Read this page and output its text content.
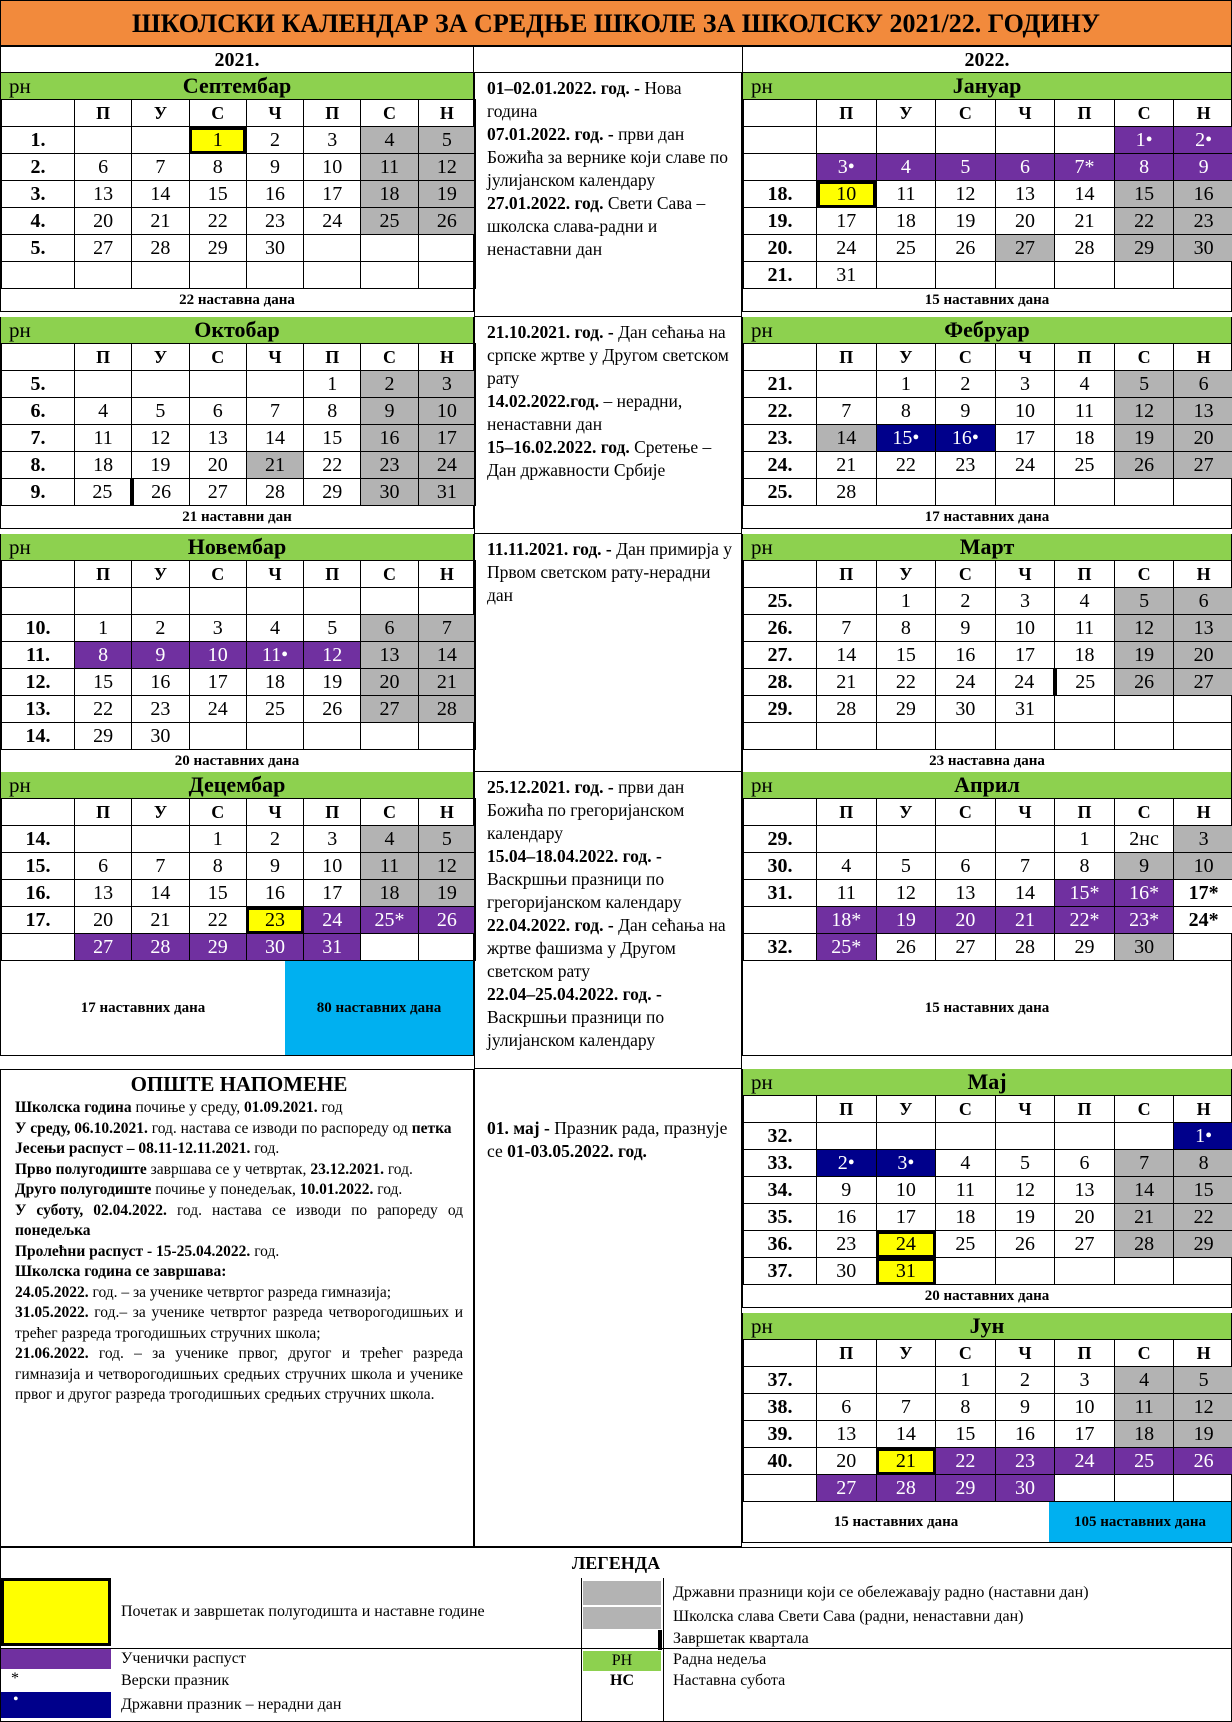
ШКОЛСКИ КАЛЕНДАР ЗА СРЕДЊЕ ШКОЛЕ ЗА ШКОЛСКУ 2021/22. ГОДИНУ
2021.	2022.
рн	Септембар
	П	У	С	Ч	П	С	Н
1.			1	2	3	4	5
2.	6	7	8	9	10	11	12
3.	13	14	15	16	17	18	19
4.	20	21	22	23	24	25	26
5.	27	28	29	30			

22 наставна дана
рн	Октобар
	П	У	С	Ч	П	С	Н
5.					1	2	3
6.	4	5	6	7	8	9	10
7.	11	12	13	14	15	16	17
8.	18	19	20	21	22	23	24
9.	25	26	27	28	29	30	31
21 наставни дан
рн	Новембар
	П	У	С	Ч	П	С	Н

10.	1	2	3	4	5	6	7
11.	8	9	10	11•	12	13	14
12.	15	16	17	18	19	20	21
13.	22	23	24	25	26	27	28
14.	29	30					
20 наставних дана
рн	Децембар
	П	У	С	Ч	П	С	Н
14.			1	2	3	4	5
15.	6	7	8	9	10	11	12
16.	13	14	15	16	17	18	19
17.	20	21	22	23	24	25*	26
	27	28	29	30	31		
17 наставних дана	80 наставних дана
рн	Јануар
	П	У	С	Ч	П	С	Н
						1•	2•
	3•	4	5	6	7*	8	9
18.	10	11	12	13	14	15	16
19.	17	18	19	20	21	22	23
20.	24	25	26	27	28	29	30
21.	31						
15 наставних дана
рн	Фебруар
	П	У	С	Ч	П	С	Н
21.		1	2	3	4	5	6
22.	7	8	9	10	11	12	13
23.	14	15•	16•	17	18	19	20
24.	21	22	23	24	25	26	27
25.	28						
17 наставних дана
рн	Март
	П	У	С	Ч	П	С	Н
25.		1	2	3	4	5	6
26.	7	8	9	10	11	12	13
27.	14	15	16	17	18	19	20
28.	21	22	24	24	25	26	27
29.	28	29	30	31			

23 наставна дана
рн	Април
	П	У	С	Ч	П	С	Н
29.					1	2нс	3
30.	4	5	6	7	8	9	10
31.	11	12	13	14	15*	16*	17*
	18*	19	20	21	22*	23*	24*
32.	25*	26	27	28	29	30	
15 наставних дана
рн	Мај
	П	У	С	Ч	П	С	Н
32.							1•
33.	2•	3•	4	5	6	7	8
34.	9	10	11	12	13	14	15
35.	16	17	18	19	20	21	22
36.	23	24	25	26	27	28	29
37.	30	31					
20 наставних дана
рн	Јун
	П	У	С	Ч	П	С	Н
37.			1	2	3	4	5
38.	6	7	8	9	10	11	12
39.	13	14	15	16	17	18	19
40.	20	21	22	23	24	25	26
	27	28	29	30			
15 наставних дана	105 наставних дана
01–02.01.2022. год. - Нова година
07.01.2022. год. - први дан Божића за вернике који славе по јулијанском календару
27.01.2022. год. Свети Сава – школска слава-радни и ненаставни дан

21.10.2021. год. - Дан сећања на српске жртве у Другом светском рату
14.02.2022.год. – нерадни, ненаставни дан
15–16.02.2022. год. Сретење – Дан државности Србије

11.11.2021. год. - Дан примирја у Првом светском рату-нерадни дан

25.12.2021. год. - први дан Божића по грегоријанском календару
15.04–18.04.2022. год. - Васкршњи празници по грегоријанском календару
22.04.2022. год. - Дан сећања на жртве фашизма у Другом светском рату
22.04–25.04.2022. год. - Васкршњи празници по јулијанском календару

01. мај - Празник рада, празнује се 01-03.05.2022. год.
ОПШТЕ НАПОМЕНЕ
Школска година почиње у среду, 01.09.2021. год
У среду, 06.10.2021. год. настава се изводи по распореду од петка
Јесењи распуст – 08.11-12.11.2021. год.
Прво полугодиште завршава се у четвртак, 23.12.2021. год.
Друго полугодиште почиње у понедељак, 10.01.2022. год.
У суботу, 02.04.2022. год. настава се изводи по рапореду од понедељка
Пролећни распуст - 15-25.04.2022. год.
Школска година се завршава:
24.05.2022. год. – за ученике четвртог разреда гимназија;
31.05.2022. год.– за ученике четвртог разреда четворогодишњих и трећег разреда трогодишњих стручних школа;
21.06.2022. год. – за ученике првог, другог и трећег разреда гимназија и четворогодишњих средњих стручних школа и ученике првог и другог разреда трогодишњих средњих стручних школа.
ЛЕГЕНДА
Почетак и завршетак полугодишта и наставне године
Ученички распуст
*	Верски празник
•	Државни празник – нерадни дан
Државни празници који се обележавају радно (наставни дан)
Школска слава Свети Сава (радни, ненаставни дан)
Завршетак квартала
РН	Радна недеља
НС	Наставна субота
